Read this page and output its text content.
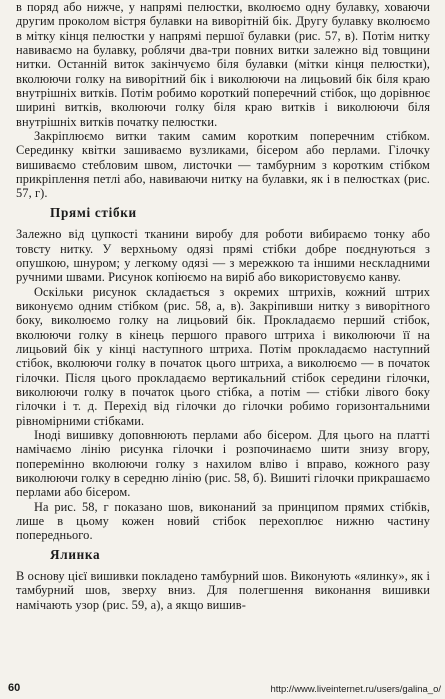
в поряд або нижче, у напрямі пелюстки, вколюємо одну булавку, ховаючи другим проколом вістря булавки на виворітній бік. Другу булавку вколюємо в мітку кінця пелюстки у напрямі першої булавки (рис. 57, в). Потім нитку навиваємо на булавку, роблячи два-три повних витки залежно від товщини нитки. Останній виток закінчуємо біля булавки (мітки кінця пелюстки), вколюючи голку на виворітний бік і виколюючи на лицьовий бік біля краю внутрішніх витків. Потім робимо короткий поперечний стібок, що дорівнює ширині витків, вколюючи голку біля краю витків і виколюючи біля внутрішніх витків початку пелюстки.

Закріплюємо витки таким самим коротким поперечним стібком. Серединку квітки зашиваємо вузликами, бісером або перлами. Гілочку вишиваємо стебловим швом, листочки — тамбурним з коротким стібком прикріплення петлі або, навиваючи нитку на булавки, як і в пелюстках (рис. 57, г).

Прямі стібки

Залежно від цупкості тканини виробу для роботи вибираємо тонку або товсту нитку. У верхньому одязі прямі стібки добре поєднуються з опушкою, шнуром; у легкому одязі — з мережкою та іншими нескладними ручними швами. Рисунок копіюємо на виріб або використовуємо канву.

Оскільки рисунок складається з окремих штрихів, кожний штрих виконуємо одним стібком (рис. 58, а, в). Закріпивши нитку з виворітного боку, виколюємо голку на лицьовий бік. Прокладаємо перший стібок, вколюючи голку в кінець першого правого штриха і виколюючи її на лицьовий бік у кінці наступного штриха. Потім прокладаємо наступний стібок, вколюючи голку в початок цього штриха, а виколюємо — в початок гілочки. Після цього прокладаємо вертикальний стібок середини гілочки, виколюючи голку в початок цього стібка, а потім — стібки лівого боку гілочки і т. д. Перехід від гілочки до гілочки робимо горизонтальними рівномірними стібками.

Іноді вишивку доповнюють перлами або бісером. Для цього на платті намічаємо лінію рисунка гілочки і розпочинаємо шити знизу вгору, поперемінно вколюючи голку з нахилом вліво і вправо, кожного разу виколюючи голку в середню лінію (рис. 58, б). Вишиті гілочки прикрашаємо перлами або бісером.

На рис. 58, г показано шов, виконаний за принципом прямих стібків, лише в цьому кожен новий стібок перехоплює нижню частину попереднього.

Ялинка

В основу цієї вишивки покладено тамбурний шов. Виконують «ялинку», як і тамбурний шов, зверху вниз. Для полегшення виконання вишивки намічають узор (рис. 59, а), а якщо вишив-

60	http://www.liveinternet.ru/users/galina_o/
